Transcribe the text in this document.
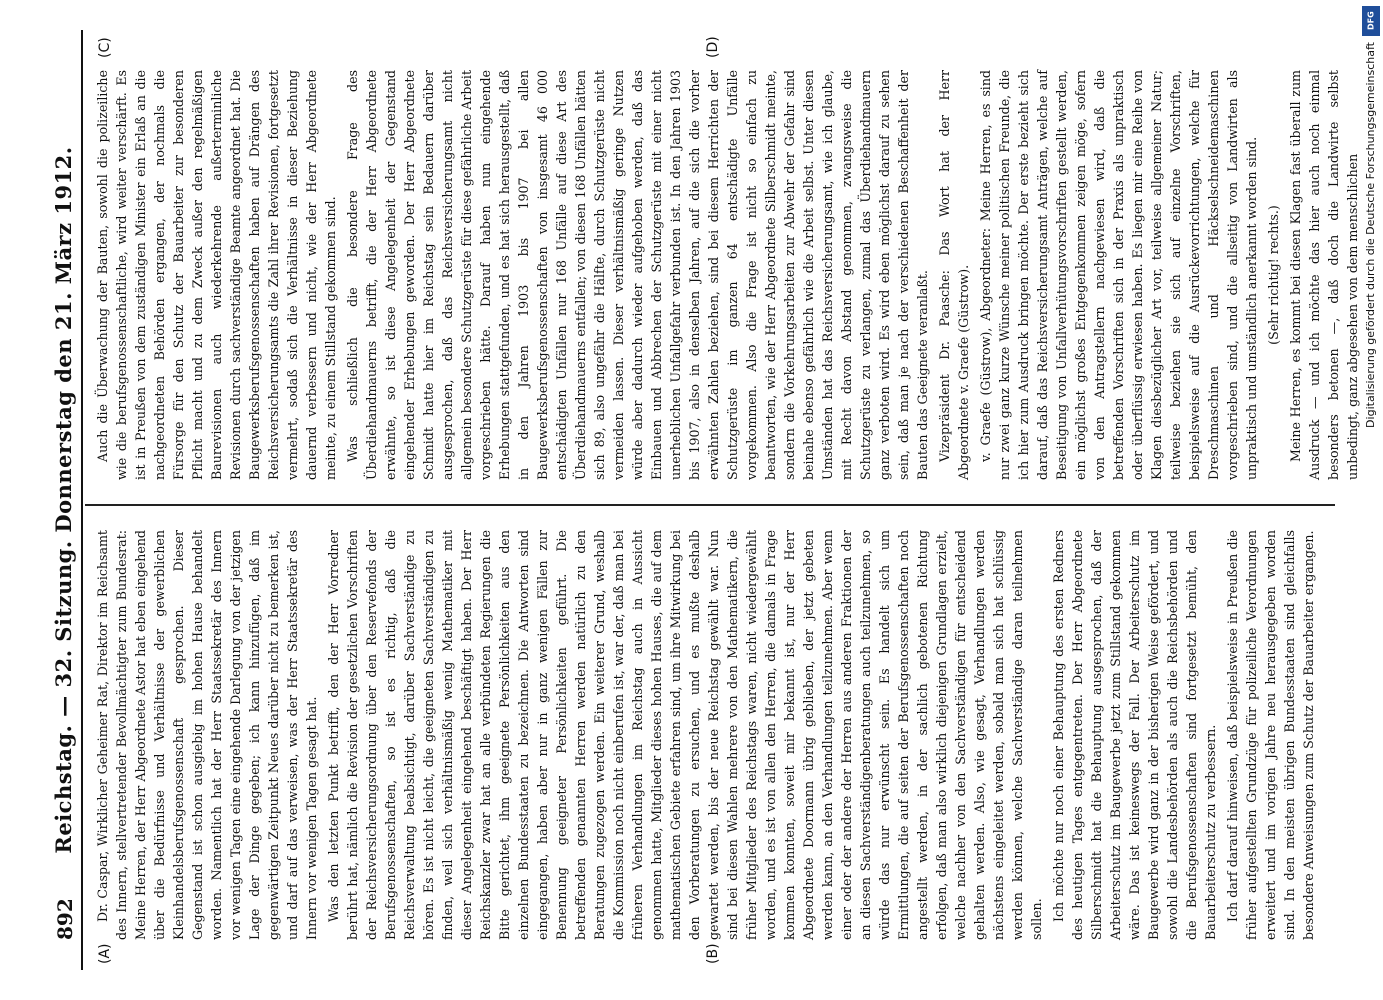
892
Reichstag. — 32. Sitzung. Donnerstag den 21. März 1912.
(A)	(B)
(C)	(D)

Dr. Caspar, Wirklicher Geheimer Rat, Direktor im Reichsamt des Innern, stellvertretender Bevollmächtigter zum Bundesrat: Meine Herren, der Herr Abgeordnete Astor hat eben eingehend über die Bedürfnisse und Verhältnisse der gewerblichen Kleinhandelsberufsgenossenschaft gesprochen. Dieser Gegenstand ist schon ausgiebig im hohen Hause behandelt worden. Namentlich hat der Herr Staatssekretär des Innern vor wenigen Tagen eine eingehende Darlegung von der jetzigen Lage der Dinge gegeben; ich kann hinzufügen, daß im gegenwärtigen Zeitpunkt Neues darüber nicht zu bemerken ist, und darf auf das verweisen, was der Herr Staatssekretär des Innern vor wenigen Tagen gesagt hat. Was den letzten Punkt betrifft, den der Herr Vorredner berührt hat, nämlich die Revision der gesetzlichen Vorschriften der Reichsversicherungsordnung über den Reservefonds der Berufsgenossenschaften, so ist es richtig, daß die Reichsverwaltung beabsichtigt, darüber Sachverständige zu hören. Es ist nicht leicht, die geeigneten Sachverständigen zu finden, weil sich verhältnismäßig wenig Mathematiker mit dieser Angelegenheit eingehend beschäftigt haben. Der Herr Reichskanzler zwar hat an alle verbündeten Regierungen die Bitte gerichtet, ihm geeignete Persönlichkeiten aus den einzelnen Bundesstaaten zu bezeichnen. Die Antworten sind eingegangen, haben aber nur in ganz wenigen Fällen zur Benennung geeigneter Persönlichkeiten geführt. Die betreffenden genannten Herren werden natürlich zu den Beratungen zugezogen werden. Ein weiterer Grund, weshalb die Kommission noch nicht einberufen ist, war der, daß man bei früheren Verhandlungen im Reichstag auch in Aussicht genommen hatte, Mitglieder dieses hohen Hauses, die auf dem mathematischen Gebiete erfahren sind, um ihre Mitwirkung bei den Vorberatungen zu ersuchen, und es mußte deshalb gewartet werden, bis der neue Reichstag gewählt war. Nun sind bei diesen Wahlen mehrere von den Mathematikern, die früher Mitglieder des Reichstags waren, nicht wiedergewählt worden, und es ist von allen den Herren, die damals in Frage kommen konnten, soweit mir bekannt ist, nur der Herr Abgeordnete Doormann übrig geblieben, der jetzt gebeten werden kann, an den Verhandlungen teilzunehmen. Aber wenn einer oder der andere der Herren aus anderen Fraktionen der an diesen Sachverständigenberatungen auch teilzunehmen, so würde das nur erwünscht sein. Es handelt sich um Ermittlungen, die auf seiten der Berufsgenossenschaften noch angestellt werden, in der sachlich gebotenen Richtung erfolgen, daß man also wirklich diejenigen Grundlagen erzielt, welche nachher von den Sachverständigen für entscheidend gehalten werden. Also, wie gesagt, Verhandlungen werden nächstens eingeleitet werden, sobald man sich hat schlüssig werden können, welche Sachverständige daran teilnehmen sollen. Ich möchte nur noch einer Behauptung des ersten Redners des heutigen Tages entgegentreten. Der Herr Abgeordnete Silberschmidt hat die Behauptung ausgesprochen, daß der Arbeiterschutz im Baugewerbe jetzt zum Stillstand gekommen wäre. Das ist keineswegs der Fall. Der Arbeiterschutz im Baugewerbe wird ganz in der bisherigen Weise gefördert, und sowohl die Landesbehörden als auch die Reichsbehörden und die Berufsgenossenschaften sind fortgesetzt bemüht, den Bauarbeiterschutz zu verbessern. Ich darf darauf hinweisen, daß beispielsweise in Preußen die früher aufgestellten Grundzüge für polizeiliche Verordnungen erweitert und im vorigen Jahre neu herausgegeben worden sind. In den meisten übrigen Bundesstaaten sind gleichfalls besondere Anweisungen zum Schutz der Bauarbeiter ergangen.

Auch die Überwachung der Bauten, sowohl die polizeiliche wie die berufsgenossenschaftliche, wird weiter verschärft. Es ist in Preußen von dem zuständigen Minister ein Erlaß an die nachgeordneten Behörden ergangen, der nochmals die Fürsorge für den Schutz der Bauarbeiter zur besonderen Pflicht macht und zu dem Zweck außer den regelmäßigen Baurevisionen auch wiederkehrende außerterminliche Revisionen durch sachverständige Beamte angeordnet hat. Die Baugewerksberufsgenossenschaften haben auf Drängen des Reichsversicherungsamts die Zahl ihrer Revisionen, fortgesetzt vermehrt, sodaß sich die Verhältnisse in dieser Beziehung dauernd verbessern und nicht, wie der Herr Abgeordnete meinte, zu einem Stillstand gekommen sind. Was schließlich die besondere Frage des Überdiehandmauerns betrifft, die der Herr Abgeordnete erwähnte, so ist diese Angelegenheit der Gegenstand eingehender Erhebungen geworden. Der Herr Abgeordnete Schmidt hatte hier im Reichstag sein Bedauern darüber ausgesprochen, daß das Reichsversicherungsamt nicht allgemein besondere Schutzgerüste für diese gefährliche Arbeit vorgeschrieben hätte. Darauf haben nun eingehende Erhebungen stattgefunden, und es hat sich herausgestellt, daß in den Jahren 1903 bis 1907 bei allen Baugewerksberufsgenossenschaften von insgesamt 46 000 entschädigten Unfällen nur 168 Unfälle auf diese Art des Überdiehandmauerns entfallen; von diesen 168 Unfällen hätten sich 89, also ungefähr die Hälfte, durch Schutzgerüste nicht vermeiden lassen. Dieser verhältnismäßig geringe Nutzen würde aber dadurch wieder aufgehoben werden, daß das Einbauen und Abbrechen der Schutzgerüste mit einer nicht unerheblichen Unfallgefahr verbunden ist. In den Jahren 1903 bis 1907, also in denselben Jahren, auf die sich die vorher erwähnten Zahlen beziehen, sind bei diesem Herrichten der Schutzgerüste im ganzen 64 entschädigte Unfälle vorgekommen. Also die Frage ist nicht so einfach zu beantworten, wie der Herr Abgeordnete Silberschmidt meinte, sondern die Vorkehrungsarbeiten zur Abwehr der Gefahr sind beinahe ebenso gefährlich wie die Arbeit selbst. Unter diesen Umständen hat das Reichsversicherungsamt, wie ich glaube, mit Recht davon Abstand genommen, zwangsweise die Schutzgerüste zu verlangen, zumal das Überdiehandmauern ganz verboten wird. Es wird eben möglichst darauf zu sehen sein, daß man je nach der verschiedenen Beschaffenheit der Bauten das Geeignete veranlaßt. Vizepräsident Dr. Paasche: Das Wort hat der Herr Abgeordnete v. Graefe (Güstrow). v. Graefe (Güstrow), Abgeordneter: Meine Herren, es sind nur zwei ganz kurze Wünsche meiner politischen Freunde, die ich hier zum Ausdruck bringen möchte. Der erste bezieht sich darauf, daß das Reichsversicherungsamt Anträgen, welche auf Beseitigung von Unfallverhütungsvorschriften gestellt werden, ein möglichst großes Entgegenkommen zeigen möge, sofern von den Antragstellern nachgewiesen wird, daß die betreffenden Vorschriften sich in der Praxis als unpraktisch oder überflüssig erwiesen haben. Es liegen mir eine Reihe von Klagen diesbezüglicher Art vor, teilweise allgemeiner Natur; teilweise beziehen sie sich auf einzelne Vorschriften, beispielsweise auf die Ausrückevorrichtungen, welche für Dreschmaschinen und Häckselschneidemaschinen vorgeschrieben sind, und die allseitig von Landwirten als unpraktisch und umständlich anerkannt worden sind. (Sehr richtig! rechts.) Meine Herren, es kommt bei diesen Klagen fast überall zum Ausdruck — und ich möchte das hier auch noch einmal besonders betonen —, daß doch die Landwirte selbst unbedingt, ganz abgesehen von dem menschlichen

DFG
Digitalisierung gefördert durch die Deutsche Forschungsgemeinschaft
